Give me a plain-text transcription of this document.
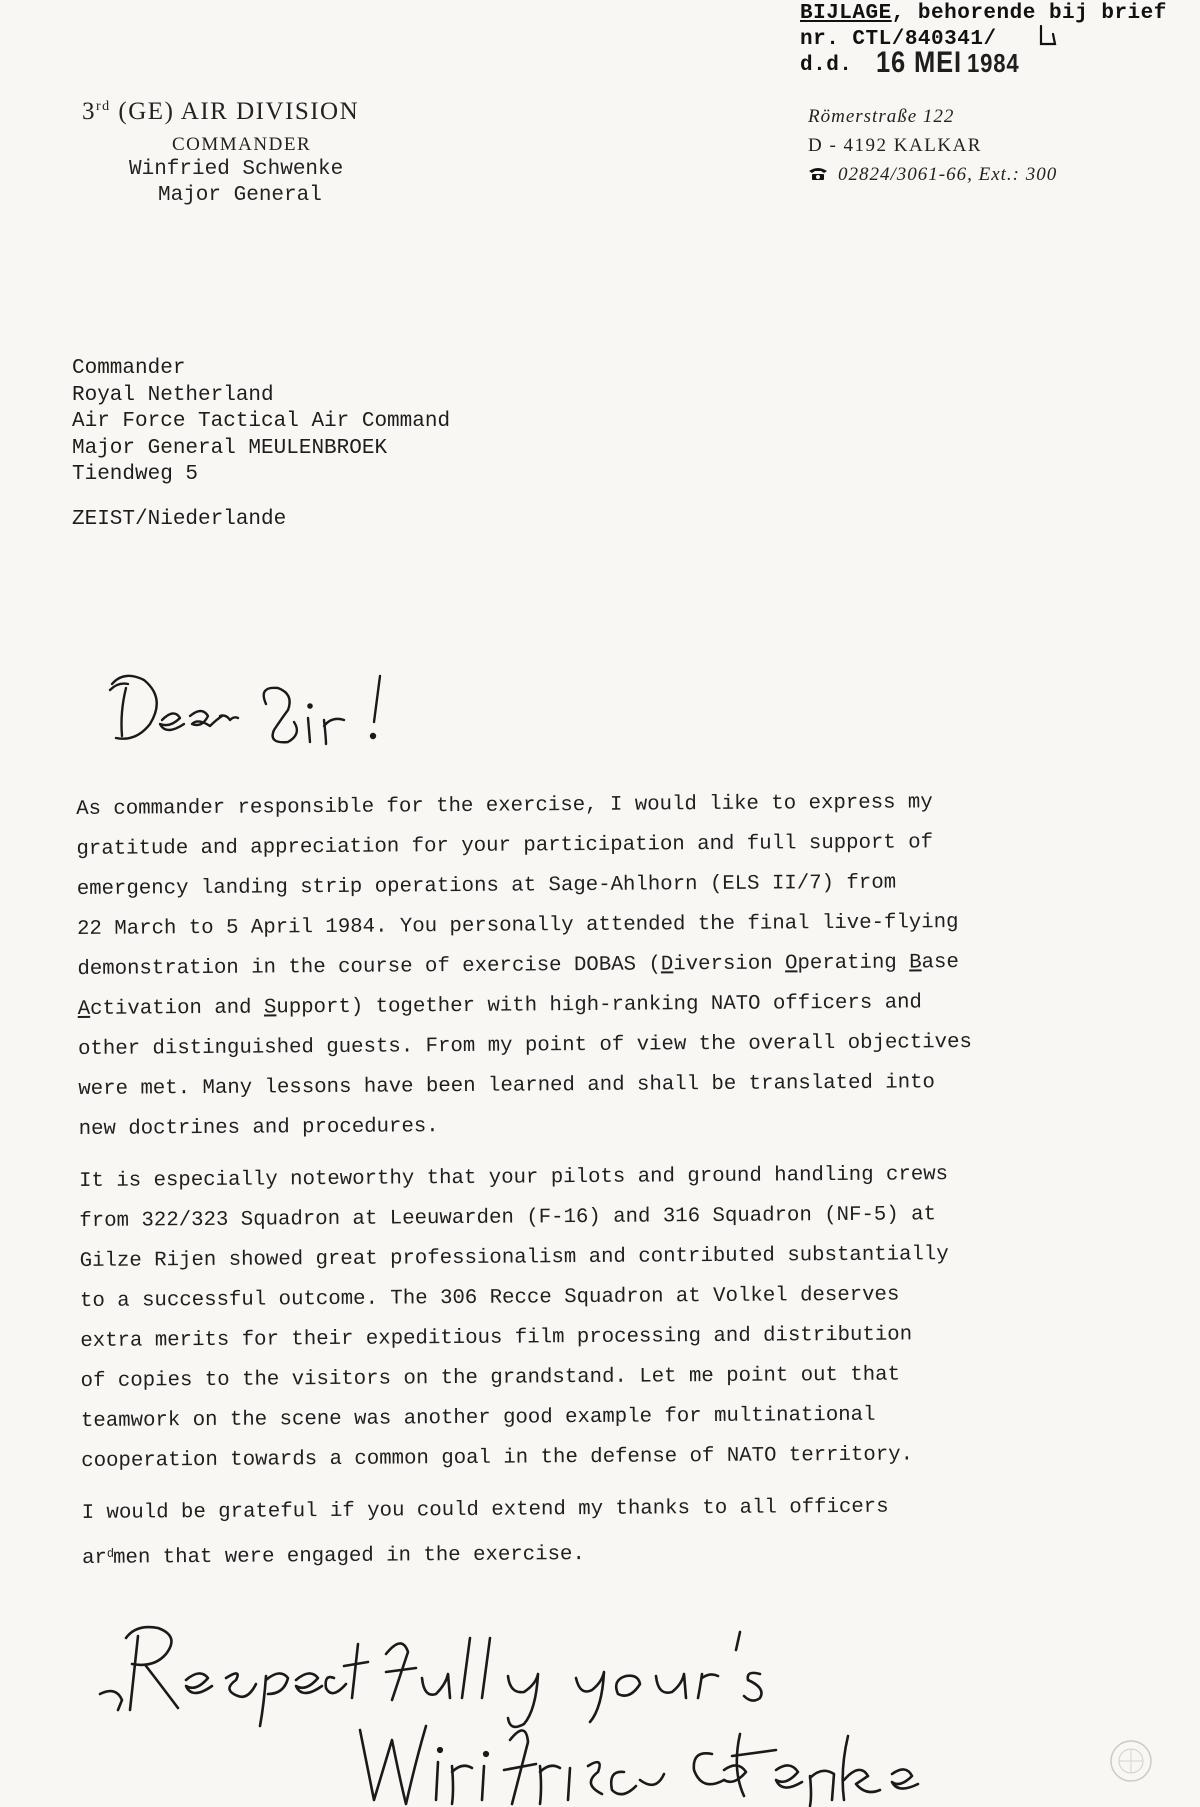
BIJLAGE, behorende bij brief
nr. CTL/840341/
d.d. 16 MEI 1984
3rd (GE) AIR DIVISION
COMMANDER
Winfried Schwenke
Major General
Römerstraße 122
D - 4192 KALKAR
02824/3061-66, Ext.: 300
Commander
Royal Netherland
Air Force Tactical Air Command
Major General MEULENBROEK
Tiendweg 5
ZEIST/Niederlande
As commander responsible for the exercise, I would like to express my
gratitude and appreciation for your participation and full support of
emergency landing strip operations at Sage-Ahlhorn (ELS II/7) from
22 March to 5 April 1984. You personally attended the final live-flying
demonstration in the course of exercise DOBAS (Diversion Operating Base
Activation and Support) together with high-ranking NATO officers and
other distinguished guests. From my point of view the overall objectives
were met. Many lessons have been learned and shall be translated into
new doctrines and procedures.
It is especially noteworthy that your pilots and ground handling crews
from 322/323 Squadron at Leeuwarden (F-16) and 316 Squadron (NF-5) at
Gilze Rijen showed great professionalism and contributed substantially
to a successful outcome. The 306 Recce Squadron at Volkel deserves
extra merits for their expeditious film processing and distribution
of copies to the visitors on the grandstand. Let me point out that
teamwork on the scene was another good example for multinational
cooperation towards a common goal in the defense of NATO territory.
I would be grateful if you could extend my thanks to all officers
$ar^dmen$ that were engaged in the exercise.
